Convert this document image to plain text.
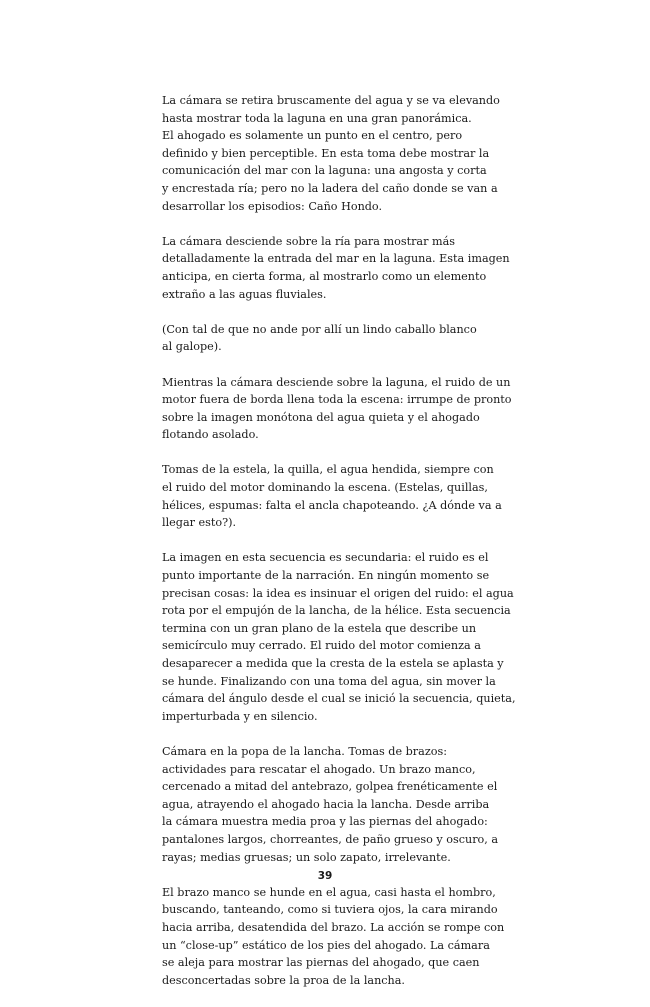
La cámara se retira bruscamente del agua y se va elevando
hasta mostrar toda la laguna en una gran panorámica.
El ahogado es solamente un punto en el centro, pero
definido y bien perceptible. En esta toma debe mostrar la
comunicación del mar con la laguna: una angosta y corta
y encrestada ría; pero no la ladera del caño donde se van a
desarrollar los episodios: Caño Hondo.

La cámara desciende sobre la ría para mostrar más
detalladamente la entrada del mar en la laguna. Esta imagen
anticipa, en cierta forma, al mostrarlo como un elemento
extraño a las aguas fluviales.

(Con tal de que no ande por allí un lindo caballo blanco
al galope).

Mientras la cámara desciende sobre la laguna, el ruido de un
motor fuera de borda llena toda la escena: irrumpe de pronto
sobre la imagen monótona del agua quieta y el ahogado
flotando asolado.

Tomas de la estela, la quilla, el agua hendida, siempre con
el ruido del motor dominando la escena. (Estelas, quillas,
hélices, espumas: falta el ancla chapoteando. ¿A dónde va a
llegar esto?).

La imagen en esta secuencia es secundaria: el ruido es el
punto importante de la narración. En ningún momento se
precisan cosas: la idea es insinuar el origen del ruido: el agua
rota por el empujón de la lancha, de la hélice. Esta secuencia
termina con un gran plano de la estela que describe un
semicírculo muy cerrado. El ruido del motor comienza a
desaparecer a medida que la cresta de la estela se aplasta y
se hunde. Finalizando con una toma del agua, sin mover la
cámara del ángulo desde el cual se inició la secuencia, quieta,
imperturbada y en silencio.

Cámara en la popa de la lancha. Tomas de brazos:
actividades para rescatar el ahogado. Un brazo manco,
cercenado a mitad del antebrazo, golpea frenéticamente el
agua, atrayendo el ahogado hacia la lancha. Desde arriba
la cámara muestra media proa y las piernas del ahogado:
pantalones largos, chorreantes, de paño grueso y oscuro, a
rayas; medias gruesas; un solo zapato, irrelevante.

El brazo manco se hunde en el agua, casi hasta el hombro,
buscando, tanteando, como si tuviera ojos, la cara mirando
hacia arriba, desatendida del brazo. La acción se rompe con
un “close-up” estático de los pies del ahogado. La cámara
se aleja para mostrar las piernas del ahogado, que caen
desconcertadas sobre la proa de la lancha.

39
